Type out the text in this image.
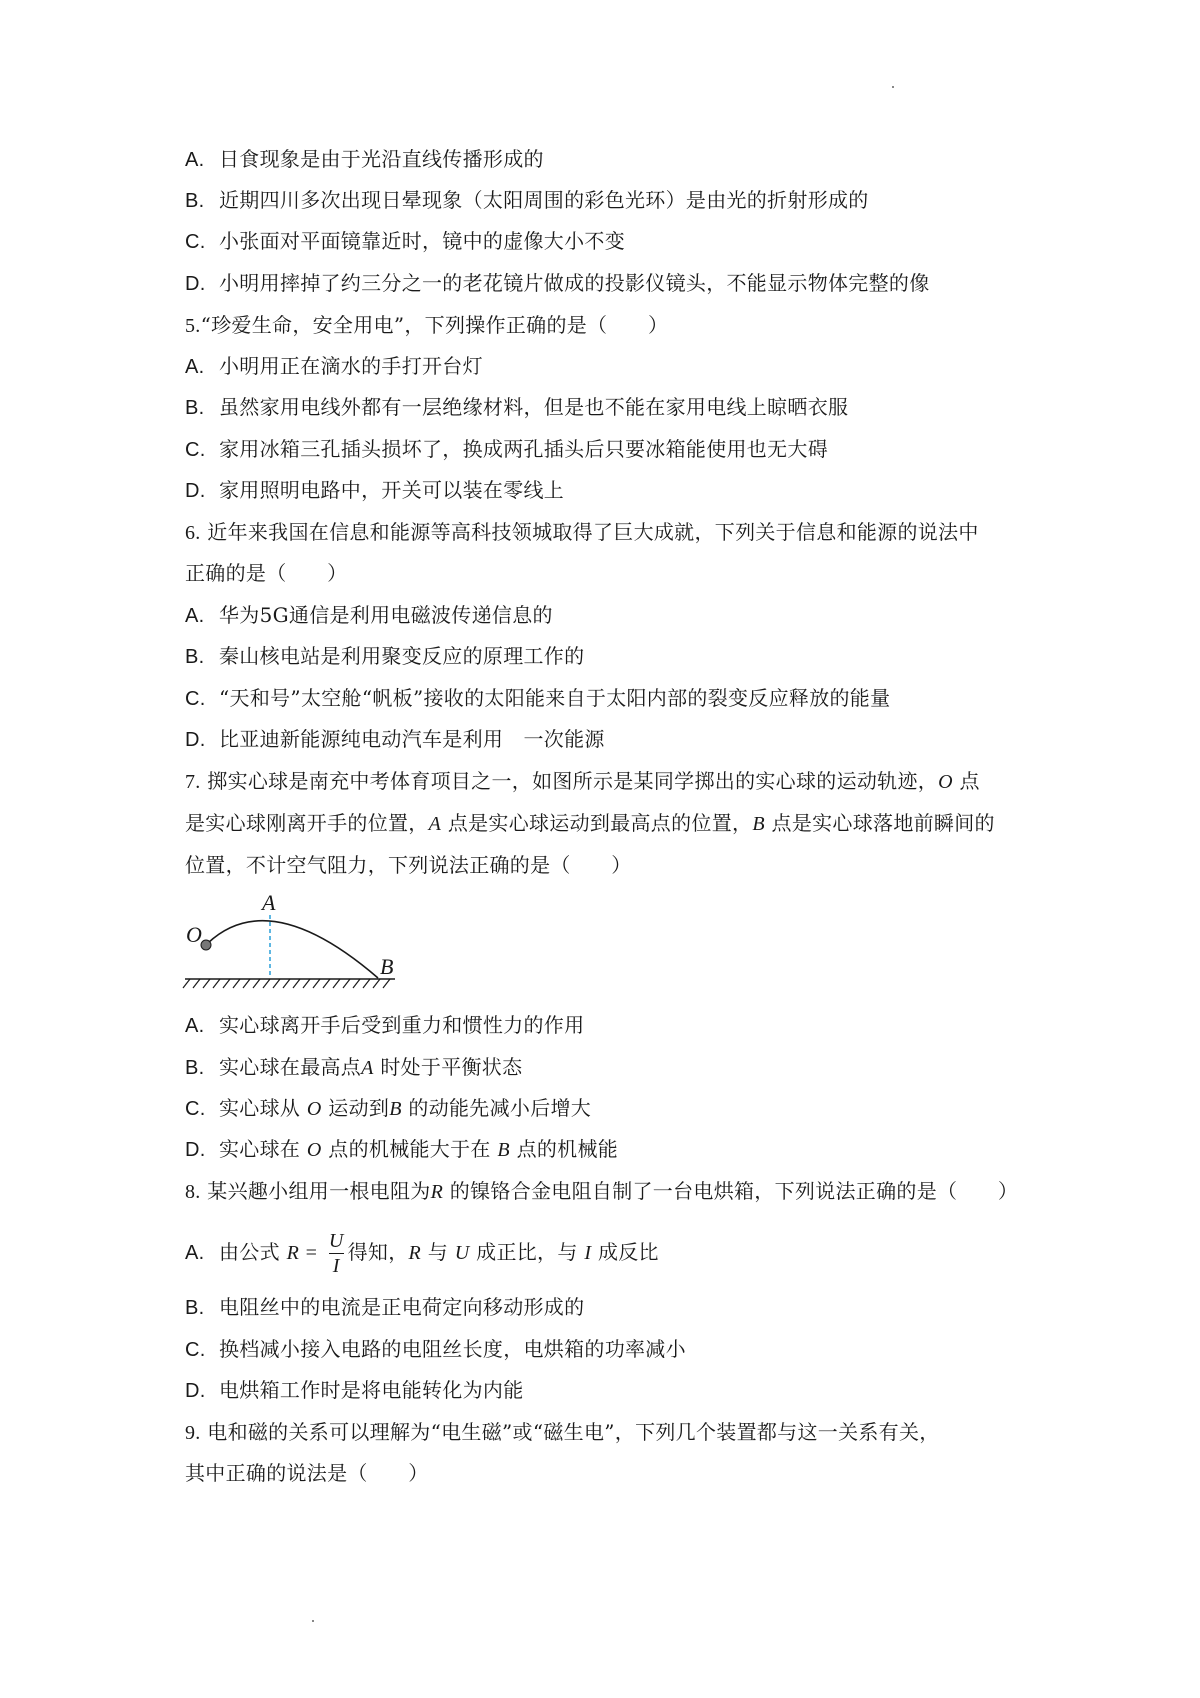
A. 日食现象是由于光沿直线传播形成的
B. 近期四川多次出现日晕现象（太阳周围的彩色光环）是由光的折射形成的
C. 小张面对平面镜靠近时，镜中的虚像大小不变
D. 小明用摔掉了约三分之一的老花镜片做成的投影仪镜头，不能显示物体完整的像
5.“珍爱生命，安全用电”，下列操作正确的是（　　）
A. 小明用正在滴水的手打开台灯
B. 虽然家用电线外都有一层绝缘材料，但是也不能在家用电线上晾晒衣服
C. 家用冰箱三孔插头损坏了，换成两孔插头后只要冰箱能使用也无大碍
D. 家用照明电路中，开关可以装在零线上
6. 近年来我国在信息和能源等高科技领城取得了巨大成就，下列关于信息和能源的说法中
正确的是（　　）
A. 华为5G通信是利用电磁波传递信息的
B. 秦山核电站是利用聚变反应的原理工作的
C. “天和号”太空舱“帆板”接收的太阳能来自于太阳内部的裂变反应释放的能量
D. 比亚迪新能源纯电动汽车是利用　一次能源
7. 掷实心球是南充中考体育项目之一，如图所示是某同学掷出的实心球的运动轨迹，O 点
是实心球刚离开手的位置，A 点是实心球运动到最高点的位置，B 点是实心球落地前瞬间的
位置，不计空气阻力，下列说法正确的是（　　）
O
A
B
A. 实心球离开手后受到重力和惯性力的作用
B. 实心球在最高点A 时处于平衡状态
C. 实心球从 O 运动到B 的动能先减小后增大
D. 实心球在 O 点的机械能大于在 B 点的机械能
8. 某兴趣小组用一根电阻为R 的镍铬合金电阻自制了一台电烘箱，下列说法正确的是（　　）
A. 由公式 $R = \frac{U}{I}$ 得知，R 与 U 成正比，与 I 成反比
B. 电阻丝中的电流是正电荷定向移动形成的
C. 换档减小接入电路的电阻丝长度，电烘箱的功率减小
D. 电烘箱工作时是将电能转化为内能
9. 电和磁的关系可以理解为“电生磁”或“磁生电”，下列几个装置都与这一关系有关，
其中正确的说法是（　　）
